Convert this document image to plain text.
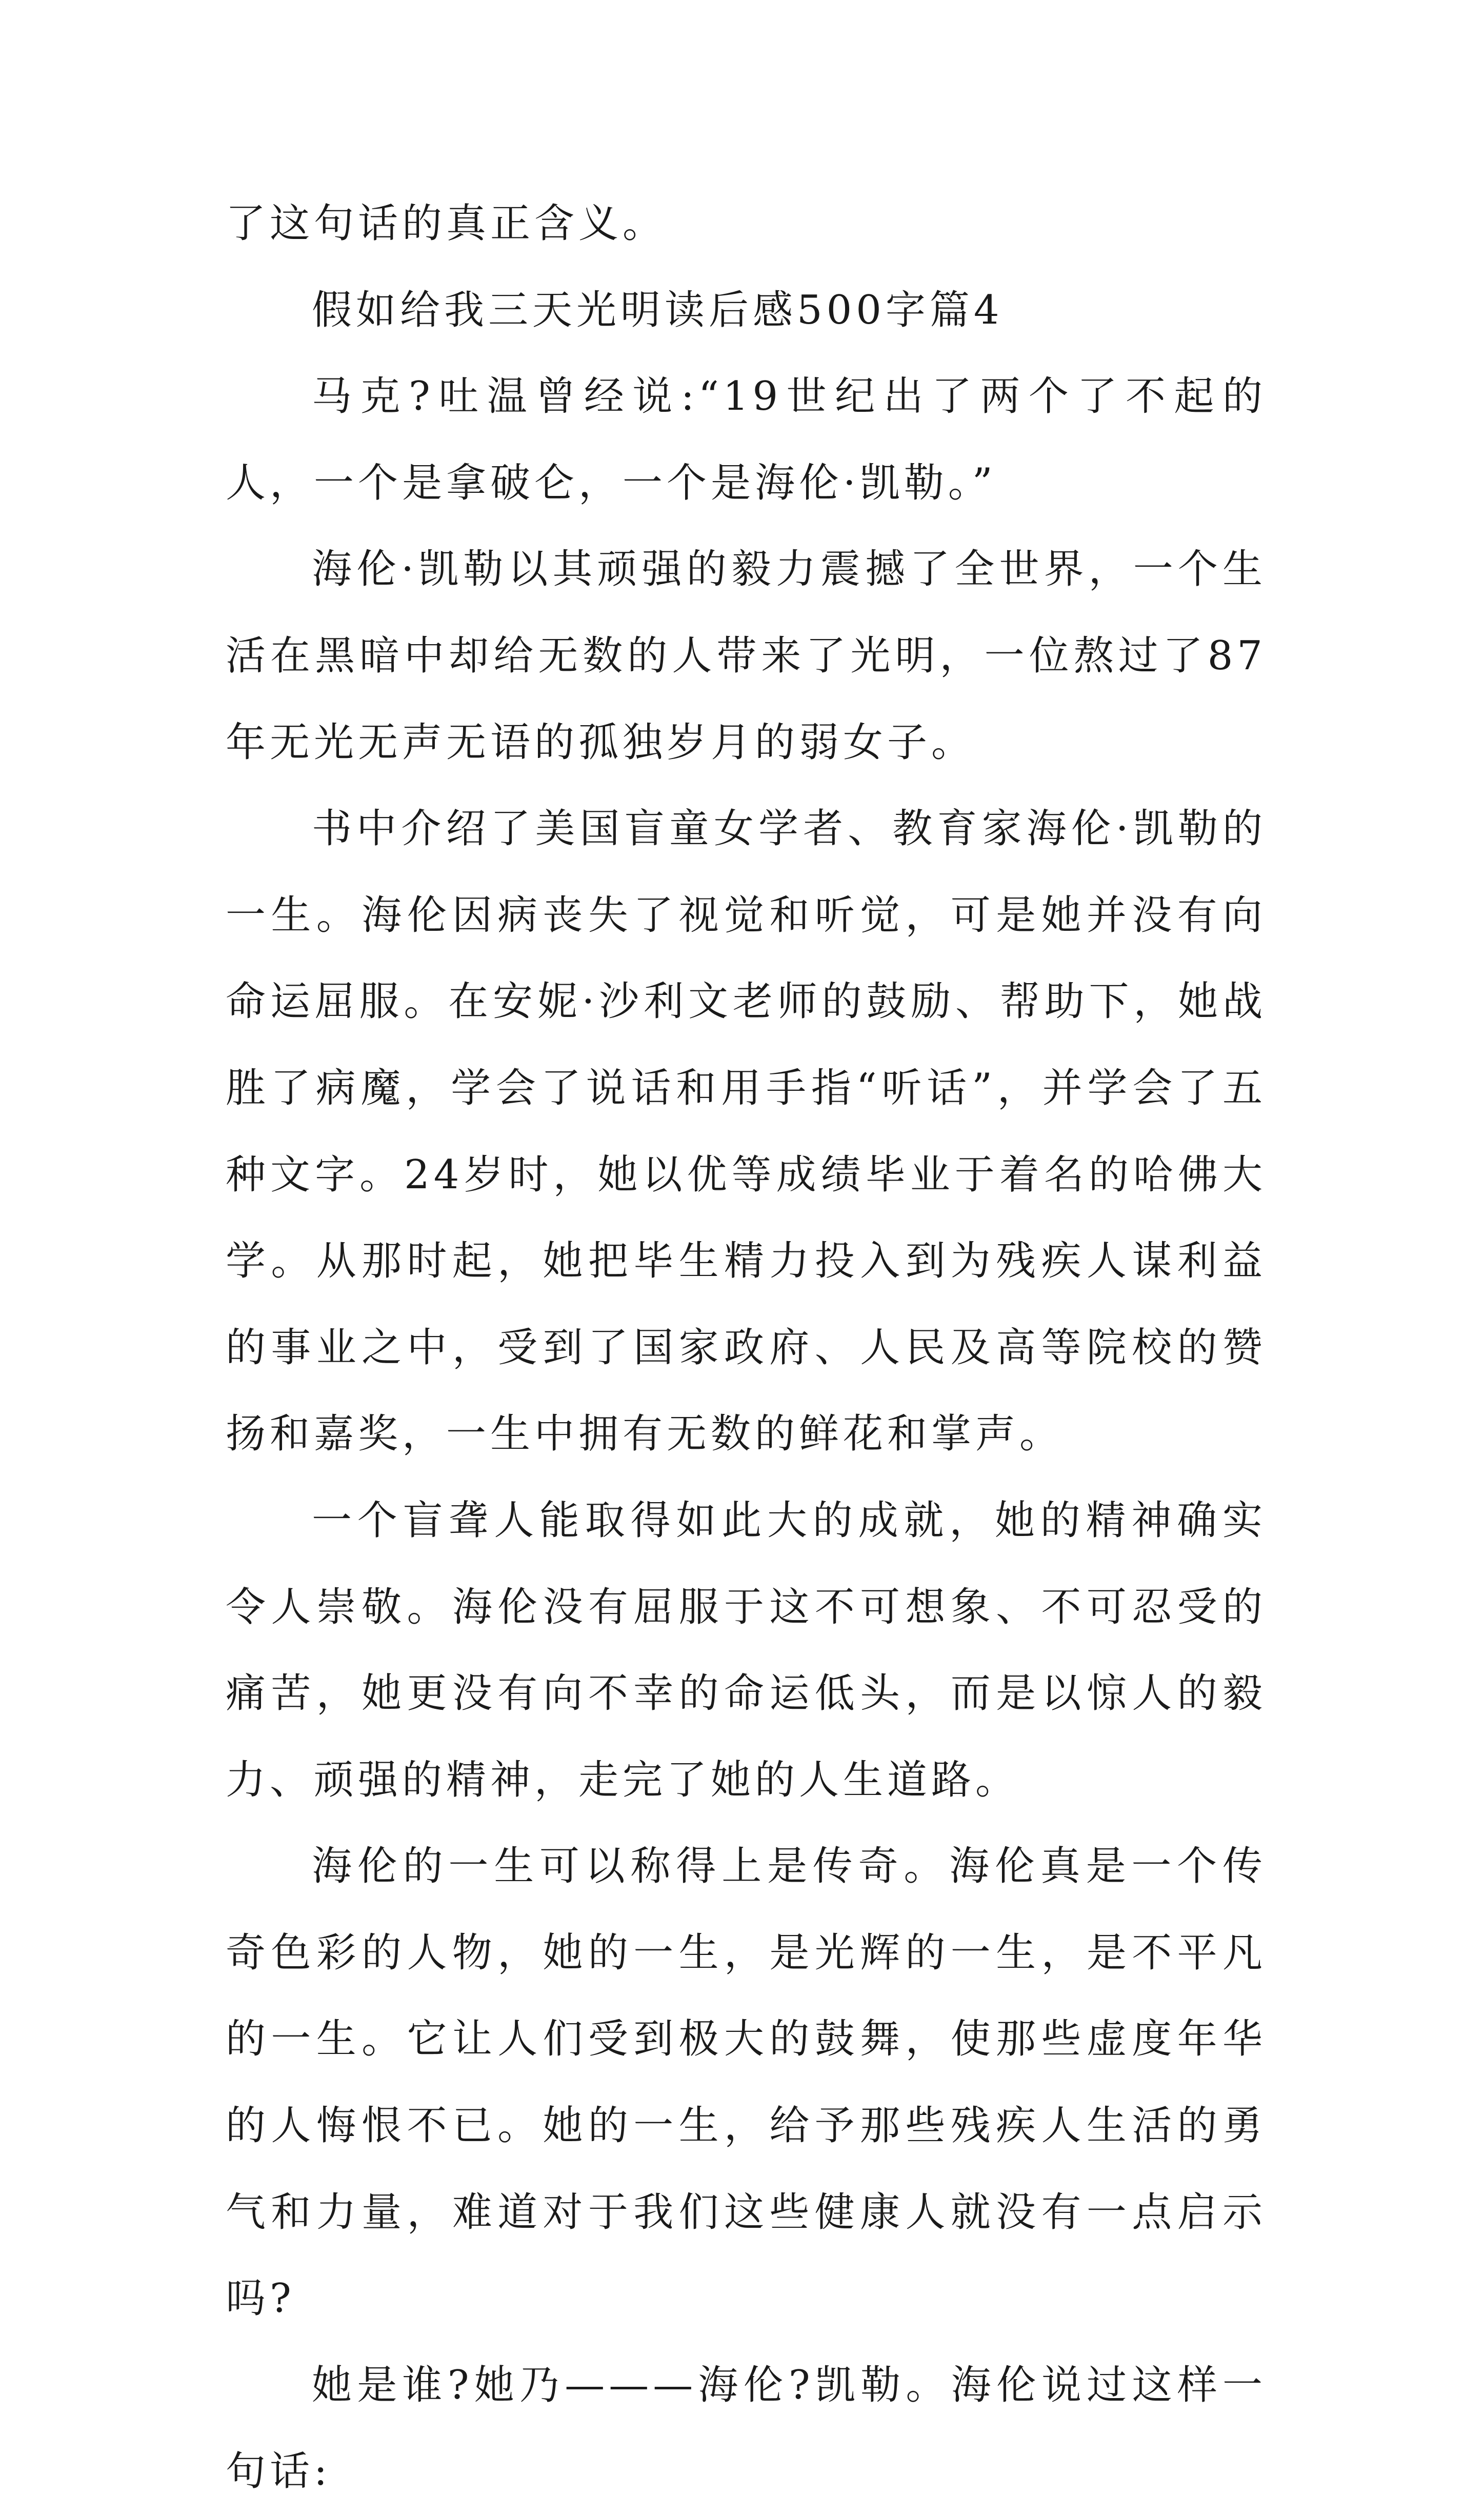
了这句话的真正含义。

假如给我三天光明读后感500字篇4

马克?吐温曾经说:“19世纪出了两个了不起的人，一个是拿破仑，一个是海伦·凯勒。”

海伦·凯勒以其顽强的毅力震撼了全世界，一个生活在黑暗中却给无数的人带来了光明，一位熬过了87年无光无声无语的孤独岁月的弱女子。

书中介绍了美国盲童女学者、教育家海伦·凯勒的一生。海伦因病丧失了视觉和听觉，可是她并没有向命运屈服。在安妮·沙利文老师的鼓励、帮助下，她战胜了病魔，学会了说话和用手指“听话”，并学会了五种文字。24岁时，她以优等成绩毕业于着名的哈佛大学。从那时起，她把毕生精力投入到为残疾人谋利益的事业之中，受到了国家政府、人民及高等院校的赞扬和嘉奖，一生中拥有无数的鲜花和掌声。

一个盲聋人能取得如此大的成就，她的精神确实令人崇敬。海伦没有屈服于这不可想象、不可忍受的痛苦，她更没有向不幸的命运低头，而是以惊人的毅力、顽强的精神，走完了她的人生道路。

海伦的一生可以称得上是传奇。海伦真是一个传奇色彩的人物，她的一生，是光辉的一生，是不平凡的一生。它让人们受到极大的鼓舞，使那些虚度年华的人悔恨不已。她的一生，给予那些残疾人生活的勇气和力量，难道对于我们这些健康人就没有一点启示吗?

她是谁?她乃———海伦?凯勒。海伦说过这样一句话:
